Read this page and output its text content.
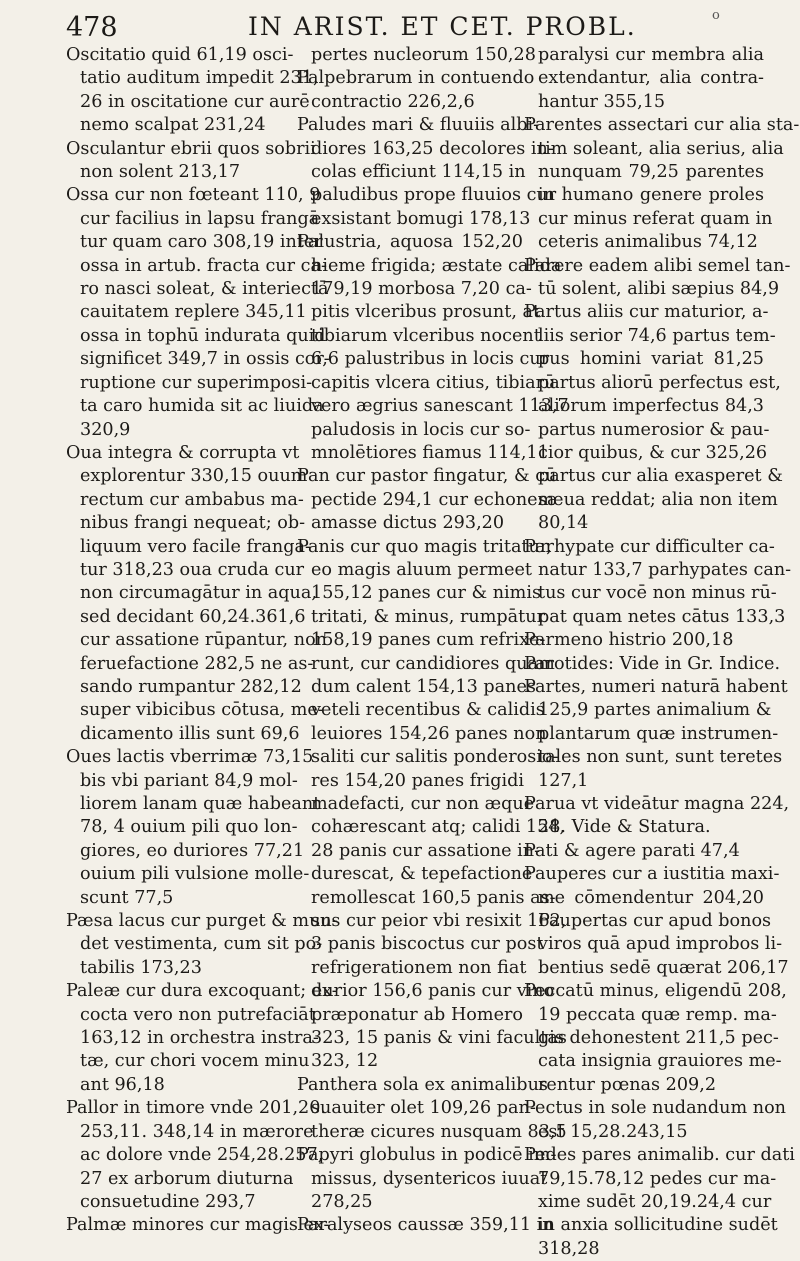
478	IN ARIST. ET CET. PROBL.	o
Oscitatio quid 61,19 osci-
tatio auditum impedit 231,
26 in oscitatione cur aurē
nemo scalpat 231,24
Osculantur ebrii quos sobrii
non solent 213,17
Ossa cur non fœteant 110, 9
cur facilius in lapsu frangā
tur quam caro 308,19 inter
ossa in artub. fracta cur ca-
ro nasci soleat, & interiectā
cauitatem replere 345,11
ossa in tophū indurata quid
significet 349,7 in ossis cor-
ruptione cur superimposi-
ta caro humida sit ac liuida
320,9
Oua integra & corrupta vt
explorentur 330,15 ouum
rectum cur ambabus ma-
nibus frangi nequeat; ob-
liquum vero facile franga-
tur 318,23 oua cruda cur
non circumagātur in aqua,
sed decidant 60,24.361,6
cur assatione rūpantur, non
feruefactione 282,5 ne as-
sando rumpantur 282,12
super vibicibus cōtusa, me-
dicamento illis sunt 69,6
Oues lactis vberrimæ 73,15
bis vbi pariant 84,9 mol-
liorem lanam quæ habeant
78, 4 ouium pili quo lon-
giores, eo duriores 77,21
ouium pili vulsione molle-
scunt 77,5
Pæsa lacus cur purget & mun-
det vestimenta, cum sit po-
tabilis 173,23
Paleæ cur dura excoquant; ex-
cocta vero non putrefaciāt
163,12 in orchestra instra-
tæ, cur chori vocem minu
ant 96,18
Pallor in timore vnde 201,20.
253,11. 348,14 in mærore
ac dolore vnde 254,28.257,
27 ex arborum diuturna
consuetudine 293,7
Palmæ minores cur magis ex-
pertes nucleorum 150,28
Palpebrarum in contuendo
contractio 226,2,6
Paludes mari & fluuiis albi-
diores 163,25 decolores in-
colas efficiunt 114,15 in
paludibus prope fluuios cur
exsistant bomugi 178,13
Palustria, aquosa 152,20
hieme frigida; æstate calida
179,19 morbosa 7,20 ca-
pitis vlceribus prosunt, at
tibiarum vlceribus nocent
6,6 palustribus in locis cur
capitis vlcera citius, tibiarū
vero ægrius sanescant 113,7
paludosis in locis cur so-
mnolētiores fiamus 114,11
Pan cur pastor fingatur, & cū
pectide 294,1 cur echonem
amasse dictus 293,20
Panis cur quo magis tritatur,
eo magis aluum permeet
155,12 panes cur & nimis
tritati, & minus, rumpātur
158,19 panes cum refrixe-
runt, cur candidiores quam
dum calent 154,13 panes
veteli recentibus & calidis
leuiores 154,26 panes non
saliti cur salitis ponderosio-
res 154,20 panes frigidi
madefacti, cur non æque
cohærescant atq; calidi 154,
28 panis cur assatione in-
durescat, & tepefactione
remollescat 160,5 panis as-
sus cur peior vbi resixit 162,
3 panis biscoctus cur post
refrigerationem non fiat
durior 156,6 panis cur vino
præponatur ab Homero
323, 15 panis & vini facultas
323, 12
Panthera sola ex animalibus
suauiter olet 109,26 pan-
theræ cicures nusquam 83,5
Papyri globulus in podicē im-
missus, dysentericos iuuat
278,25
Paralyseos caussæ 359,11 in
paralysi cur membra alia
extendantur, alia contra-
hantur 355,15
Parentes assectari cur alia sta-
tim soleant, alia serius, alia
nunquam 79,25 parentes
in humano genere proles
cur minus referat quam in
ceteris animalibus 74,12
Parere eadem alibi semel tan-
tū solent, alibi sæpius 84,9
Partus aliis cur maturior, a-
liis serior 74,6 partus tem-
pus homini variat 81,25
partus aliorū perfectus est,
aliorum imperfectus 84,3
partus numerosior & pau-
cior quibus, & cur 325,26
partus cur alia exasperet &
sæua reddat; alia non item
80,14
Parhypate cur difficulter ca-
natur 133,7 parhypates can-
tus cur vocē non minus rū-
pat quam netes cātus 133,3
Parmeno histrio 200,18
Parotides: Vide in Gr. Indice.
Partes, numeri naturā habent
125,9 partes animalium &
plantarum quæ instrumen-
tales non sunt, sunt teretes
127,1
Parua vt videātur magna 224,
28. Vide & Statura.
Pati & agere parati 47,4
Pauperes cur a iustitia maxi-
me cōmendentur 204,20
Paupertas cur apud bonos
viros quā apud improbos li-
bentius sedē quærat 206,17
Peccatū minus, eligendū 208,
19 peccata quæ remp. ma-
gis dehonestent 211,5 pec-
cata insignia grauiores me-
rentur pœnas 209,2
Pectus in sole nudandum non
est 15,28.243,15
Pedes pares animalib. cur dati
79,15.78,12 pedes cur ma-
xime sudēt 20,19.24,4 cur
in anxia sollicitudine sudēt
318,28
